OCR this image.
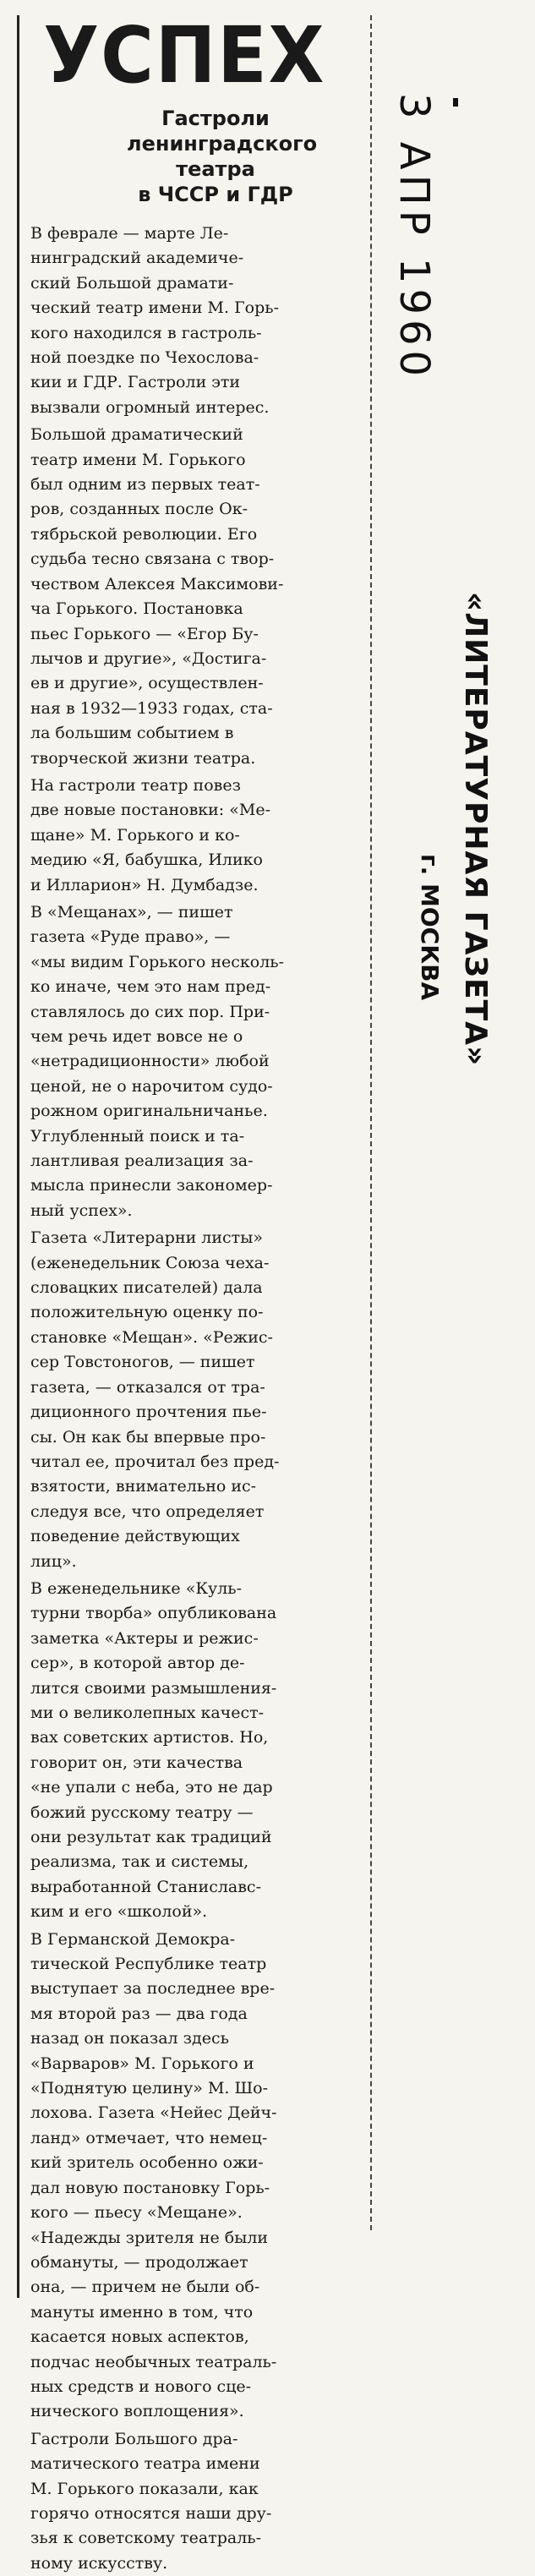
УСПЕХ
Гастроли
ленинградского
театра
в ЧССР и ГДР

В феврале — марте Ле-
нинградский академиче-
ский Большой драмати-
ческий театр имени М. Горь-
кого находился в гастроль-
ной поездке по Чехослова-
кии и ГДР. Гастроли эти
вызвали огромный интерес.

Большой драматический
театр имени М. Горького
был одним из первых теат-
ров, созданных после Ок-
тябрьской революции. Его
судьба тесно связана с твор-
чеством Алексея Максимови-
ча Горького. Постановка
пьес Горького — «Егор Бу-
лычов и другие», «Достига-
ев и другие», осуществлен-
ная в 1932—1933 годах, ста-
ла большим событием в
творческой жизни театра.

На гастроли театр повез
две новые постановки: «Ме-
щане» М. Горького и ко-
медию «Я, бабушка, Илико
и Илларион» Н. Думбадзе.

В «Мещанах», — пишет
газета «Руде право», —
«мы видим Горького несколь-
ко иначе, чем это нам пред-
ставлялось до сих пор. При-
чем речь идет вовсе не о
«нетрадиционности» любой
ценой, не о нарочитом судо-
рожном оригинальничанье.
Углубленный поиск и та-
лантливая реализация за-
мысла принесли закономер-
ный успех».

Газета «Литерарни листы»
(еженедельник Союза чеха-
словацких писателей) дала
положительную оценку по-
становке «Мещан». «Режис-
сер Товстоногов, — пишет
газета, — отказался от тра-
диционного прочтения пье-
сы. Он как бы впервые про-
читал ее, прочитал без пред-
взятости, внимательно ис-
следуя все, что определяет
поведение действующих
лиц».

В еженедельнике «Куль-
турни творба» опубликована
заметка «Актеры и режис-
сер», в которой автор де-
лится своими размышления-
ми о великолепных качест-
вах советских артистов. Но,
говорит он, эти качества
«не упали с неба, это не дар
божий русскому театру —
они результат как традиций
реализма, так и системы,
выработанной Станиславс-
ким и его «школой».

В Германской Демокра-
тической Республике театр
выступает за последнее вре-
мя второй раз — два года
назад он показал здесь
«Варваров» М. Горького и
«Поднятую целину» М. Шо-
лохова. Газета «Нейес Дейч-
ланд» отмечает, что немец-
кий зритель особенно ожи-
дал новую постановку Горь-
кого — пьесу «Мещане».
«Надежды зрителя не были
обмануты, — продолжает
она, — причем не были об-
мануты именно в том, что
касается новых аспектов,
подчас необычных театраль-
ных средств и нового сце-
нического воплощения».

Гастроли Большого дра-
матического театра имени
М. Горького показали, как
горячо относятся наши дру-
зья к советскому театраль-
ному искусству.

3 АПР 1960
«ЛИТЕРАТУРНАЯ ГАЗЕТА»
г. МОСКВА
